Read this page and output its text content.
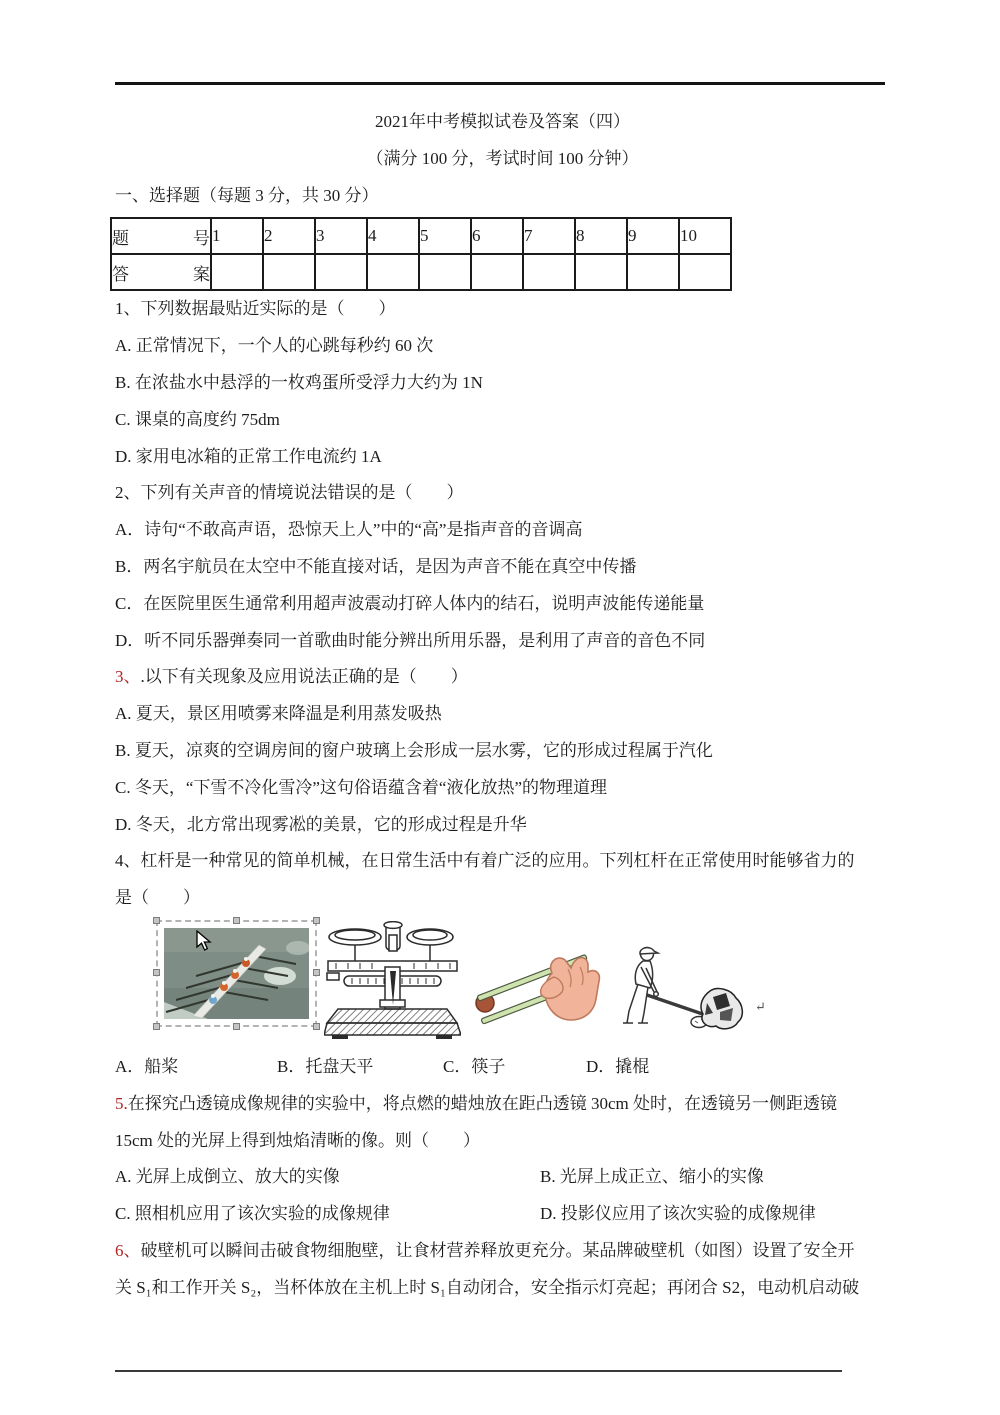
2021年中考模拟试卷及答案（四）

（满分 100 分，考试时间 100 分钟）

一、选择题（每题 3 分，共 30 分）

题 号	1	2	3	4	5	6	7	8	9	10

答 案										

1、下列数据最贴近实际的是（　　）

A. 正常情况下，一个人的心跳每秒约 60 次

B. 在浓盐水中悬浮的一枚鸡蛋所受浮力大约为 1N

C. 课桌的高度约 75dm

D. 家用电冰箱的正常工作电流约 1A

2、下列有关声音的情境说法错误的是（　　）

A．诗句“不敢高声语，恐惊天上人”中的“高”是指声音的音调高

B．两名宇航员在太空中不能直接对话，是因为声音不能在真空中传播

C．在医院里医生通常利用超声波震动打碎人体内的结石，说明声波能传递能量

D．听不同乐器弹奏同一首歌曲时能分辨出所用乐器，是利用了声音的音色不同

3、.以下有关现象及应用说法正确的是（　　）

A. 夏天，景区用喷雾来降温是利用蒸发吸热

B. 夏天，凉爽的空调房间的窗户玻璃上会形成一层水雾，它的形成过程属于汽化

C. 冬天，“下雪不冷化雪冷”这句俗语蕴含着“液化放热”的物理道理

D. 冬天，北方常出现雾凇的美景，它的形成过程是升华

4、杠杆是一种常见的简单机械，在日常生活中有着广泛的应用。下列杠杆在正常使用时能够省力的

是（　　）

↵

A．船桨	B．托盘天平	C．筷子	D．撬棍

5.在探究凸透镜成像规律的实验中，将点燃的蜡烛放在距凸透镜 30cm 处时，在透镜另一侧距透镜

15cm 处的光屏上得到烛焰清晰的像。则（　　）

A. 光屏上成倒立、放大的实像	B. 光屏上成正立、缩小的实像

C. 照相机应用了该次实验的成像规律	D. 投影仪应用了该次实验的成像规律

6、破壁机可以瞬间击破食物细胞壁，让食材营养释放更充分。某品牌破壁机（如图）设置了安全开

关 S₁和工作开关 S₂，当杯体放在主机上时 S₁自动闭合，安全指示灯亮起；再闭合 S2，电动机启动破
